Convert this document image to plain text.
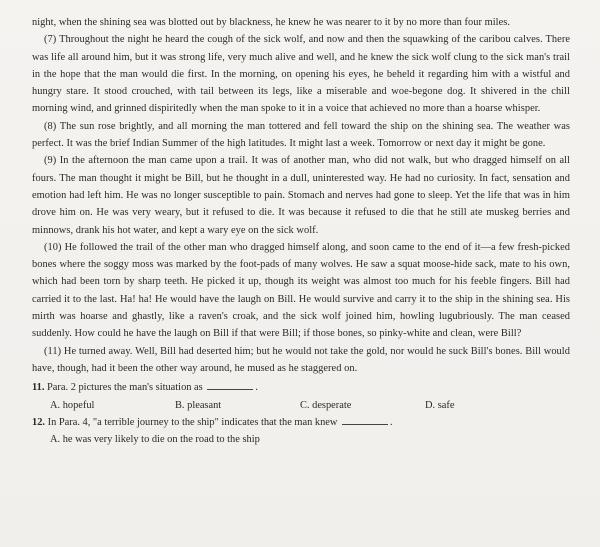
night, when the shining sea was blotted out by blackness, he knew he was nearer to it by no more than four miles.

(7) Throughout the night he heard the cough of the sick wolf, and now and then the squawking of the caribou calves. There was life all around him, but it was strong life, very much alive and well, and he knew the sick wolf clung to the sick man's trail in the hope that the man would die first. In the morning, on opening his eyes, he beheld it regarding him with a wistful and hungry stare. It stood crouched, with tail between its legs, like a miserable and woe-begone dog. It shivered in the chill morning wind, and grinned dispiritedly when the man spoke to it in a voice that achieved no more than a hoarse whisper.

(8) The sun rose brightly, and all morning the man tottered and fell toward the ship on the shining sea. The weather was perfect. It was the brief Indian Summer of the high latitudes. It might last a week. Tomorrow or next day it might be gone.

(9) In the afternoon the man came upon a trail. It was of another man, who did not walk, but who dragged himself on all fours. The man thought it might be Bill, but he thought in a dull, uninterested way. He had no curiosity. In fact, sensation and emotion had left him. He was no longer susceptible to pain. Stomach and nerves had gone to sleep. Yet the life that was in him drove him on. He was very weary, but it refused to die. It was because it refused to die that he still ate muskeg berries and minnows, drank his hot water, and kept a wary eye on the sick wolf.

(10) He followed the trail of the other man who dragged himself along, and soon came to the end of it—a few fresh-picked bones where the soggy moss was marked by the foot-pads of many wolves. He saw a squat moose-hide sack, mate to his own, which had been torn by sharp teeth. He picked it up, though its weight was almost too much for his feeble fingers. Bill had carried it to the last. Ha! ha! He would have the laugh on Bill. He would survive and carry it to the ship in the shining sea. His mirth was hoarse and ghastly, like a raven's croak, and the sick wolf joined him, howling lugubriously. The man ceased suddenly. How could he have the laugh on Bill if that were Bill; if those bones, so pinky-white and clean, were Bill?

(11) He turned away. Well, Bill had deserted him; but he would not take the gold, nor would he suck Bill's bones. Bill would have, though, had it been the other way around, he mused as he staggered on.

11. Para. 2 pictures the man's situation as	.
A. hopeful	B. pleasant	C. desperate	D. safe
12. In Para. 4, "a terrible journey to the ship" indicates that the man knew	.
A. he was very likely to die on the road to the ship
